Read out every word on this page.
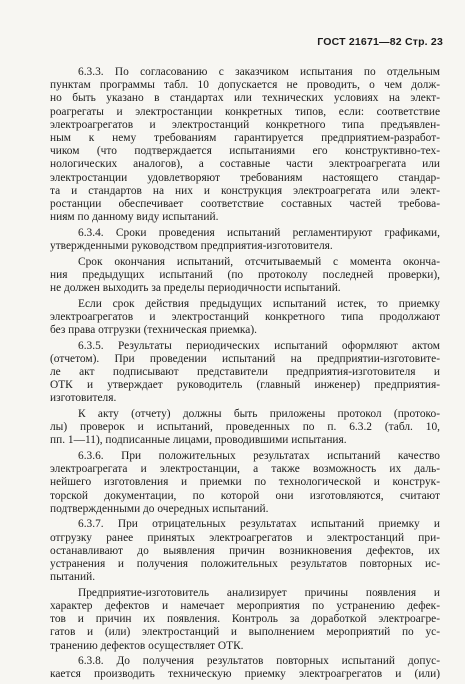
ГОСТ 21671—82 Стр. 23

6.3.3. По согласованию с заказчиком испытания по отдельным
пунктам программы табл. 10 допускается не проводить, о чем долж-
но быть указано в стандартах или технических условиях на элект-
роагрегаты и электростанции конкретных типов, если: соответствие
электроагрегатов и электростанций конкретного типа предъявлен-
ным к нему требованиям гарантируется предприятием-разработ-
чиком (что подтверждается испытаниями его конструктивно-тех-
нологических аналогов), а составные части электроагрегата или
электростанции удовлетворяют требованиям настоящего стандар-
та и стандартов на них и конструкция электроагрегата или элект-
ростанции обеспечивает соответствие составных частей требова-
ниям по данному виду испытаний.

6.3.4. Сроки проведения испытаний регламентируют графиками,
утвержденными руководством предприятия-изготовителя.

Срок окончания испытаний, отсчитываемый с момента оконча-
ния предыдущих испытаний (по протоколу последней проверки),
не должен выходить за пределы периодичности испытаний.

Если срок действия предыдущих испытаний истек, то приемку
электроагрегатов и электростанций конкретного типа продолжают
без права отгрузки (техническая приемка).

6.3.5. Результаты периодических испытаний оформляют актом
(отчетом). При проведении испытаний на предприятии-изготовите-
ле акт подписывают представители предприятия-изготовителя и
ОТК и утверждает руководитель (главный инженер) предприятия-
изготовителя.

К акту (отчету) должны быть приложены протокол (протоко-
лы) проверок и испытаний, проведенных по п. 6.3.2 (табл. 10,
пп. 1—11), подписанные лицами, проводившими испытания.

6.3.6. При положительных результатах испытаний качество
электроагрегата и электростанции, а также возможность их даль-
нейшего изготовления и приемки по технологической и конструк-
торской документации, по которой они изготовляются, считают
подтвержденными до очередных испытаний.

6.3.7. При отрицательных результатах испытаний приемку и
отгрузку ранее принятых электроагрегатов и электростанций при-
останавливают до выявления причин возникновения дефектов, их
устранения и получения положительных результатов повторных ис-
пытаний.

Предприятие-изготовитель анализирует причины появления и
характер дефектов и намечает мероприятия по устранению дефек-
тов и причин их появления. Контроль за доработкой электроагре-
гатов и (или) электростанций и выполнением мероприятий по ус-
транению дефектов осуществляет ОТК.

6.3.8. До получения результатов повторных испытаний допус-
кается производить техническую приемку электроагрегатов и (или)
